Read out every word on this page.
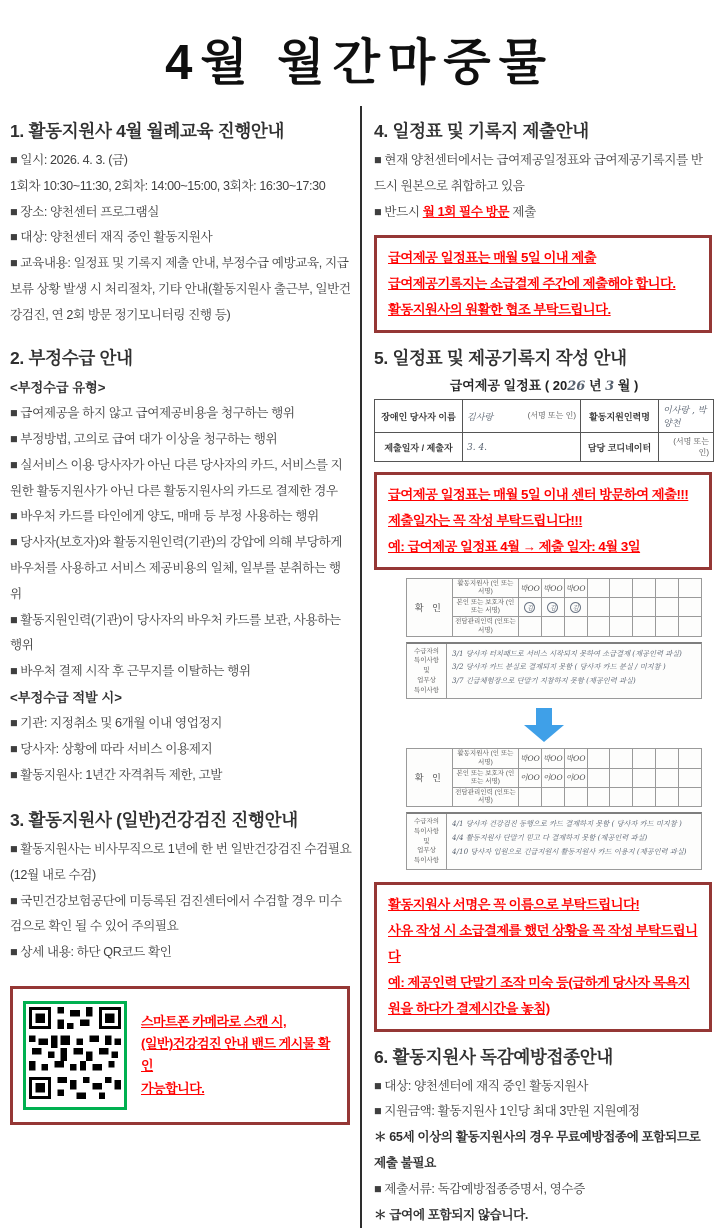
4월 월간마중물
1. 활동지원사 4월 월례교육 진행안내

■ 일시: 2026. 4. 3. (금)

1회차 10:30~11:30, 2회차: 14:00~15:00, 3회차: 16:30~17:30

■ 장소: 양천센터 프로그램실

■ 대상: 양천센터 재직 중인 활동지원사

■ 교육내용: 일정표 및 기록지 제출 안내, 부정수급 예방교육, 지급보류 상황 발생 시 처리절차, 기타 안내(활동지원사 출근부, 일반건강검진, 연 2회 방문 정기모니터링 진행 등)

2. 부정수급 안내

<부정수급 유형>

■ 급여제공을 하지 않고 급여제공비용을 청구하는 행위

■ 부정방법, 고의로 급여 대가 이상을 청구하는 행위

■ 실서비스 이용 당사자가 아닌 다른 당사자의 카드, 서비스를 지원한 활동지원사가 아닌 다른 활동지원사의 카드로 결제한 경우

■ 바우처 카드를 타인에게 양도, 매매 등 부정 사용하는 행위

■ 당사자(보호자)와 활동지원인력(기관)의 강압에 의해 부당하게 바우처를 사용하고 서비스 제공비용의 일체, 일부를 분취하는 행위

■ 활동지원인력(기관)이 당사자의 바우처 카드를 보관, 사용하는 행위

■ 바우처 결제 시작 후 근무지를 이탈하는 행위

<부정수급 적발 시>

■ 기관: 지정취소 및 6개월 이내 영업정지

■ 당사자: 상황에 따라 서비스 이용제지

■ 활동지원사: 1년간 자격취득 제한, 고발

3. 활동지원사 (일반)건강검진 진행안내

■ 활동지원사는 비사무직으로 1년에 한 번 일반건강검진 수검필요(12월 내로 수검)

■ 국민건강보험공단에 미등록된 검진센터에서 수검할 경우 미수검으로 확인 될 수 있어 주의필요

■ 상세 내용: 하단 QR코드 확인

스마트폰 카메라로 스캔 시,
(일반)건강검진 안내 밴드 게시물 확인
가능합니다.
4. 일정표 및 기록지 제출안내

■ 현재 양천센터에서는 급여제공일정표와 급여제공기록지를 반드시 원본으로 취합하고 있음

■ 반드시 월 1회 필수 방문 제출

급여제공 일정표는 매월 5일 이내 제출

급여제공기록지는 소급결제 주간에 제출해야 합니다.

활동지원사의 원활한 협조 부탁드립니다.

5. 일정표 및 제공기록지 작성 안내
급여제공 일정표 ( 2026 년 3 월 )
장애인 당사자 이름	김사랑 (서명 또는 인)	활동지원인력명	이사랑 , 박양천
제출일자 / 제출자	3. 4.	담당 코디네이터	(서명 또는 인)

급여제공 일정표는 매월 5일 이내 센터 방문하여 제출!!!

제출일자는 꼭 작성 부탁드립니다!!!

예: 급여제공 일정표 4월 → 제출 일자: 4월 3일

확 인	활동지원사 (인 또는 서명)	박OO	박OO	박OO					
	본인 또는 보호자 (인 또는 서명)	김	김	김					
	전담관리인력 (인또는서명)								
수급자의
특이사항
및
업무상
특이사항
3/1 당사자 터치패드로 서비스 시작되지 못하여 소급결제 (제공인력 과실)
3/2 당사자 카드 분실로 결제되지 못함 ( 당사자 카드 분실 / 미지참 )
3/7 긴급체험장으로 단말기 지참하지 못함 (제공인력 과실)
확 인	활동지원사 (인 또는 서명)	박OO	박OO	박OO					
	본인 또는 보호자 (인 또는 서명)	이OO	이OO	이OO					
	전담관리인력 (인또는서명)								
수급자의
특이사항
및
업무상
특이사항
4/1 당사자 건강검진 동행으로 카드 결제하지 못함 ( 당사자 카드 미지참 )
4/4 활동지원사 단말기 믿고 다 결제하지 못함 (제공인력 과실)
4/10 당사자 입원으로 긴급지원시 활동지원사 카드 이용지 (제공인력 과실)

활동지원사 서명은 꼭 이름으로 부탁드립니다!

사유 작성 시 소급결제를 했던 상황을 꼭 작성 부탁드립니다

예: 제공인력 단말기 조작 미숙 등(급하게 당사자 목욕지원을 하다가 결제시간을 놓침)

6. 활동지원사 독감예방접종안내

■ 대상: 양천센터에 재직 중인 활동지원사

■ 지원금액: 활동지원사 1인당 최대 3만원 지원예정

＊ 65세 이상의 활동지원사의 경우 무료예방접종에 포함되므로 제출 불필요

■ 제출서류: 독감예방접종증명서, 영수증

＊ 급여에 포함되지 않습니다.
